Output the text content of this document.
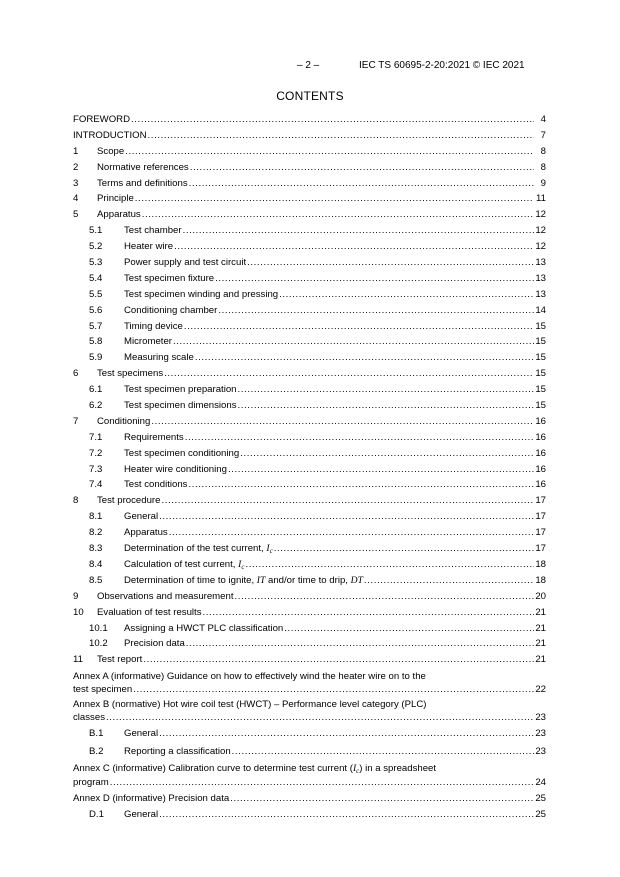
– 2 –	IEC TS 60695-2-20:2021 © IEC 2021
CONTENTS
FOREWORD .....	4
INTRODUCTION .....	7
1	Scope .....	8
2	Normative references .....	8
3	Terms and definitions .....	9
4	Principle .....	11
5	Apparatus .....	12
5.1	Test chamber .....	12
5.2	Heater wire .....	12
5.3	Power supply and test circuit .....	13
5.4	Test specimen fixture .....	13
5.5	Test specimen winding and pressing .....	13
5.6	Conditioning chamber .....	14
5.7	Timing device .....	15
5.8	Micrometer .....	15
5.9	Measuring scale .....	15
6	Test specimens .....	15
6.1	Test specimen preparation .....	15
6.2	Test specimen dimensions .....	15
7	Conditioning .....	16
7.1	Requirements .....	16
7.2	Test specimen conditioning .....	16
7.3	Heater wire conditioning .....	16
7.4	Test conditions .....	16
8	Test procedure .....	17
8.1	General .....	17
8.2	Apparatus .....	17
8.3	Determination of the test current, $I_c$ .....	17
8.4	Calculation of test current, $I_c$ .....	18
8.5	Determination of time to ignite, IT and/or time to drip, DT .....	18
9	Observations and measurement .....	20
10	Evaluation of test results .....	21
10.1	Assigning a HWCT PLC classification .....	21
10.2	Precision data .....	21
11	Test report .....	21
Annex A (informative) Guidance on how to effectively wind the heater wire on to the
test specimen .....	22
Annex B (normative) Hot wire coil test (HWCT) – Performance level category (PLC)
classes .....	23
B.1	General .....	23
B.2	Reporting a classification .....	23
Annex C (informative) Calibration curve to determine test current $(I_c)$ in a spreadsheet
program .....	24
Annex D (informative) Precision data .....	25
D.1	General .....	25
